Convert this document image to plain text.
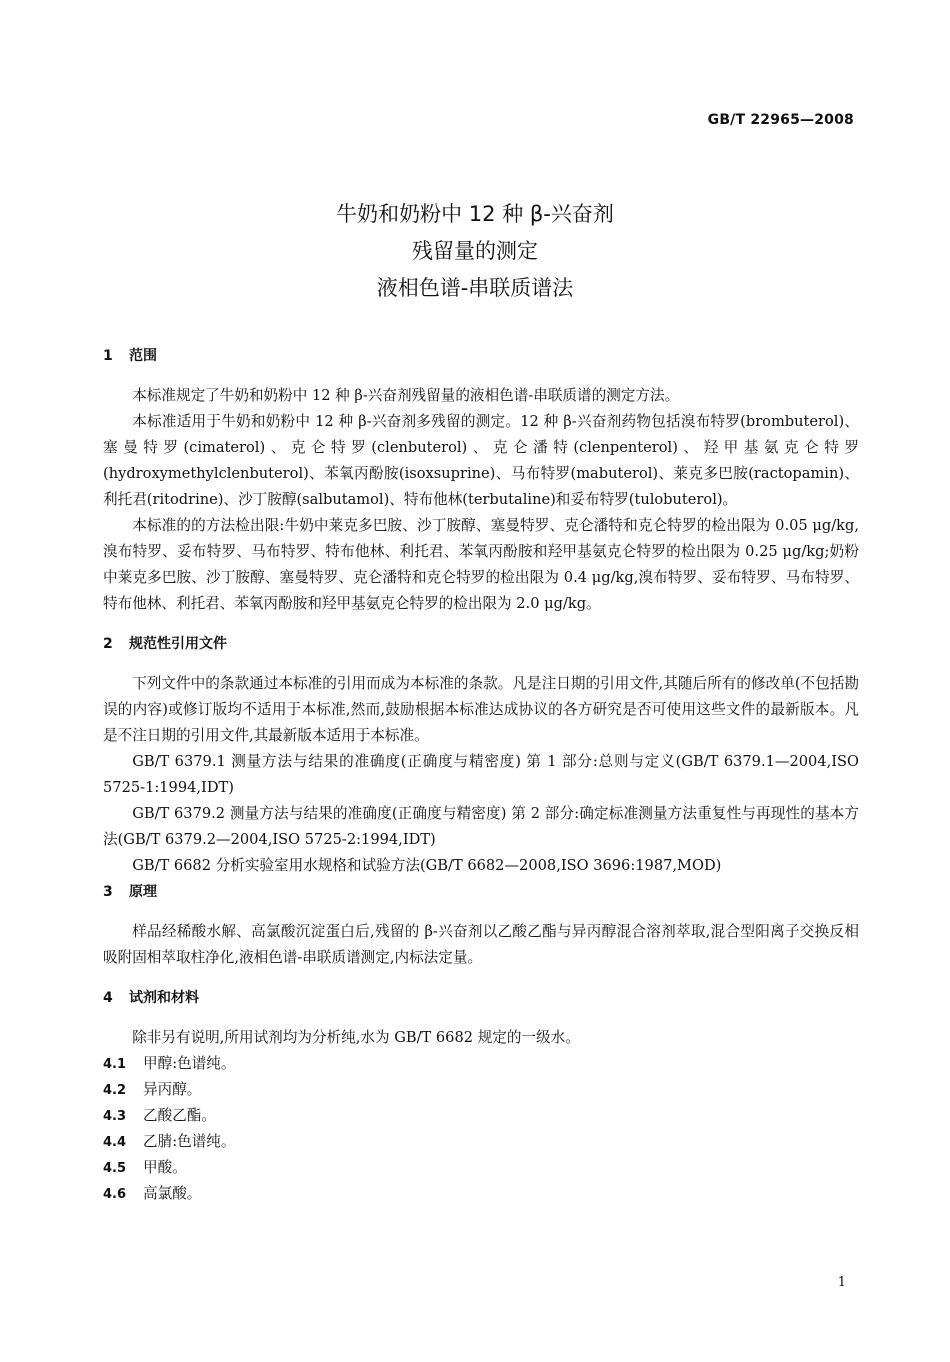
GB/T 22965—2008
牛奶和奶粉中 12 种 β-兴奋剂
残留量的测定
液相色谱-串联质谱法
1 范围

本标准规定了牛奶和奶粉中 12 种 β-兴奋剂残留量的液相色谱-串联质谱的测定方法。

本标准适用于牛奶和奶粉中 12 种 β-兴奋剂多残留的测定。12 种 β-兴奋剂药物包括溴布特罗(brombuterol)、塞曼特罗(cimaterol)、克仑特罗(clenbuterol)、克仑潘特(clenpenterol)、羟甲基氨克仑特罗(hydroxymethylclenbuterol)、苯氧丙酚胺(isoxsuprine)、马布特罗(mabuterol)、莱克多巴胺(ractopamin)、利托君(ritodrine)、沙丁胺醇(salbutamol)、特布他林(terbutaline)和妥布特罗(tulobuterol)。

本标准的的方法检出限:牛奶中莱克多巴胺、沙丁胺醇、塞曼特罗、克仑潘特和克仑特罗的检出限为 0.05 μg/kg,溴布特罗、妥布特罗、马布特罗、特布他林、利托君、苯氧丙酚胺和羟甲基氨克仑特罗的检出限为 0.25 μg/kg;奶粉中莱克多巴胺、沙丁胺醇、塞曼特罗、克仑潘特和克仑特罗的检出限为 0.4 μg/kg,溴布特罗、妥布特罗、马布特罗、特布他林、利托君、苯氧丙酚胺和羟甲基氨克仑特罗的检出限为 2.0 μg/kg。

2 规范性引用文件

下列文件中的条款通过本标准的引用而成为本标准的条款。凡是注日期的引用文件,其随后所有的修改单(不包括勘误的内容)或修订版均不适用于本标准,然而,鼓励根据本标准达成协议的各方研究是否可使用这些文件的最新版本。凡是不注日期的引用文件,其最新版本适用于本标准。

GB/T 6379.1 测量方法与结果的准确度(正确度与精密度) 第 1 部分:总则与定义(GB/T 6379.1—2004,ISO 5725-1:1994,IDT)

GB/T 6379.2 测量方法与结果的准确度(正确度与精密度) 第 2 部分:确定标准测量方法重复性与再现性的基本方法(GB/T 6379.2—2004,ISO 5725-2:1994,IDT)

GB/T 6682 分析实验室用水规格和试验方法(GB/T 6682—2008,ISO 3696:1987,MOD)

3 原理

样品经稀酸水解、高氯酸沉淀蛋白后,残留的 β-兴奋剂以乙酸乙酯与异丙醇混合溶剂萃取,混合型阳离子交换反相吸附固相萃取柱净化,液相色谱-串联质谱测定,内标法定量。

4 试剂和材料

除非另有说明,所用试剂均为分析纯,水为 GB/T 6682 规定的一级水。

4.1 甲醇:色谱纯。
4.2 异丙醇。
4.3 乙酸乙酯。
4.4 乙腈:色谱纯。
4.5 甲酸。
4.6 高氯酸。
1
